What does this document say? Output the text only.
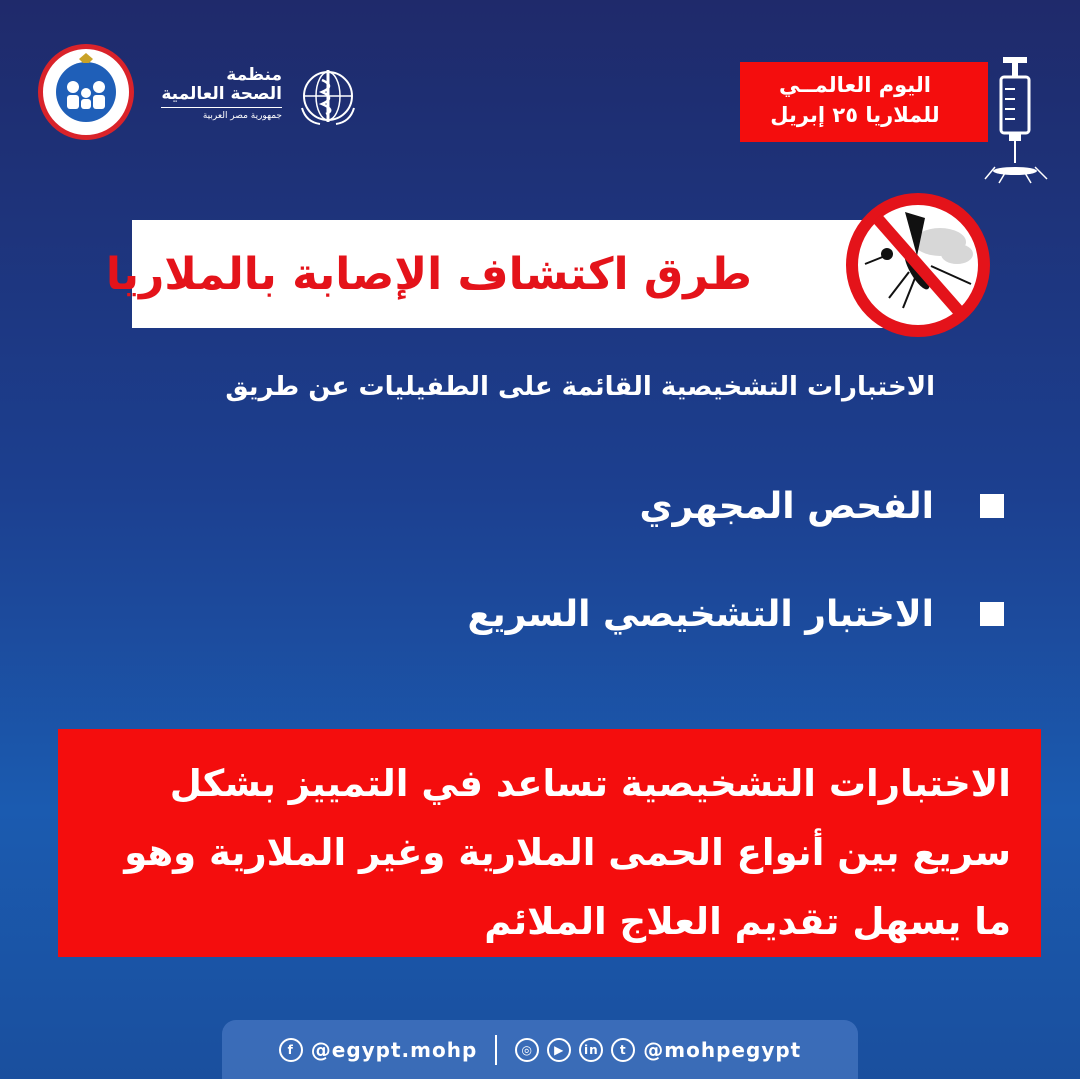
منظمة
الصحة العالمية
جمهورية مصر العربية
اليوم العالمــي
للملاريا ٢٥ إبريل
طرق اكتشاف الإصابة بالملاريا
الاختبارات التشخيصية القائمة على الطفيليات عن طريق
الفحص المجهري
الاختبار التشخيصي السريع
الاختبارات التشخيصية تساعد في التمييز بشكل
سريع بين أنواع الحمى الملارية وغير الملارية وهو
ما يسهل تقديم العلاج الملائم
f @egypt.mohp	◎	▶	in	t @mohpegypt
